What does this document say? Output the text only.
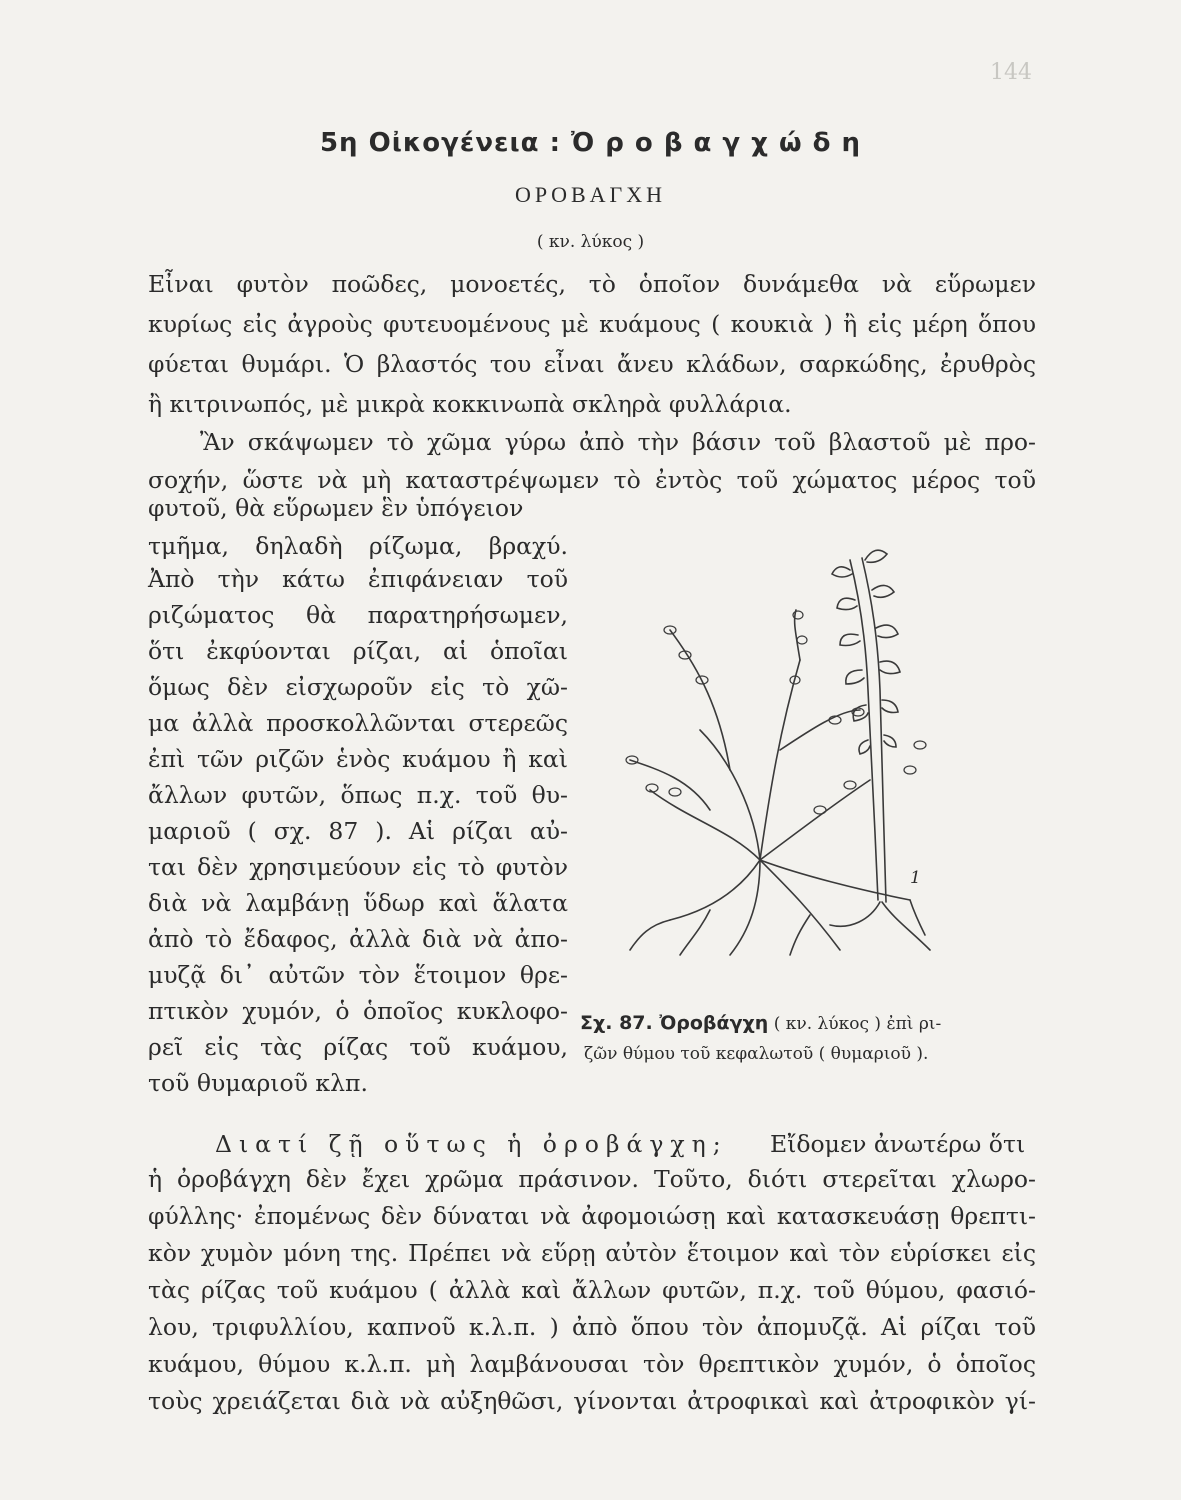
144
5η Οἰκογένεια : Ὀ ρ ο β α γ χ ώ δ η
ΟΡΟΒΑΓΧΗ
( κν. λύκος )
Εἶναι φυτὸν ποῶδες, μονοετές, τὸ ὁποῖον δυνάμεθα νὰ εὕρωμεν
κυρίως εἰς ἀγροὺς φυτευομένους μὲ κυάμους ( κουκιὰ ) ἢ εἰς μέρη ὅπου
φύεται θυμάρι. Ὁ βλαστός του εἶναι ἄνευ κλάδων, σαρκώδης, ἐρυθρὸς
ἢ κιτρινωπός, μὲ μικρὰ κοκκινωπὰ σκληρὰ φυλλάρια.
Ἂν σκάψωμεν τὸ χῶμα γύρω ἀπὸ τὴν βάσιν τοῦ βλαστοῦ μὲ προ-
σοχήν, ὥστε νὰ μὴ καταστρέψωμεν τὸ ἐντὸς τοῦ χώματος μέρος τοῦ
φυτοῦ, θὰ εὕρωμεν ἓν ὑπόγειον
τμῆμα, δηλαδὴ ρίζωμα, βραχύ.
Ἀπὸ τὴν κάτω ἐπιφάνειαν τοῦ
ριζώματος θὰ παρατηρήσωμεν,
ὅτι ἐκφύονται ρίζαι, αἱ ὁποῖαι
ὅμως δὲν εἰσχωροῦν εἰς τὸ χῶ-
μα ἀλλὰ προσκολλῶνται στερεῶς
ἐπὶ τῶν ριζῶν ἑνὸς κυάμου ἢ καὶ
ἄλλων φυτῶν, ὅπως π.χ. τοῦ θυ-
μαριοῦ ( σχ. 87 ). Αἱ ρίζαι αὐ-
ται δὲν χρησιμεύουν εἰς τὸ φυτὸν
διὰ νὰ λαμβάνῃ ὕδωρ καὶ ἅλατα
ἀπὸ τὸ ἔδαφος, ἀλλὰ διὰ νὰ ἀπο-
μυζᾷ δι᾽ αὐτῶν τὸν ἕτοιμον θρε-
πτικὸν χυμόν, ὁ ὁποῖος κυκλοφο-
ρεῖ εἰς τὰς ρίζας τοῦ κυάμου,
τοῦ θυμαριοῦ κλπ.
1
Σχ. 87. Ὀροβάγχη ( κν. λύκος ) ἐπὶ ρι-
ζῶν θύμου τοῦ κεφαλωτοῦ ( θυμαριοῦ ).
Διατί ζῇ οὕτως ἡ ὀροβάγχη; Εἴδομεν ἀνωτέρω ὅτι
ἡ ὀροβάγχη δὲν ἔχει χρῶμα πράσινον. Τοῦτο, διότι στερεῖται χλωρο-
φύλλης· ἐπομένως δὲν δύναται νὰ ἀφομοιώσῃ καὶ κατασκευάσῃ θρεπτι-
κὸν χυμὸν μόνη της. Πρέπει νὰ εὕρῃ αὐτὸν ἕτοιμον καὶ τὸν εὑρίσκει εἰς
τὰς ρίζας τοῦ κυάμου ( ἀλλὰ καὶ ἄλλων φυτῶν, π.χ. τοῦ θύμου, φασιό-
λου, τριφυλλίου, καπνοῦ κ.λ.π. ) ἀπὸ ὅπου τὸν ἀπομυζᾷ. Αἱ ρίζαι τοῦ
κυάμου, θύμου κ.λ.π. μὴ λαμβάνουσαι τὸν θρεπτικὸν χυμόν, ὁ ὁποῖος
τοὺς χρειάζεται διὰ νὰ αὐξηθῶσι, γίνονται ἀτροφικαὶ καὶ ἀτροφικὸν γί-
